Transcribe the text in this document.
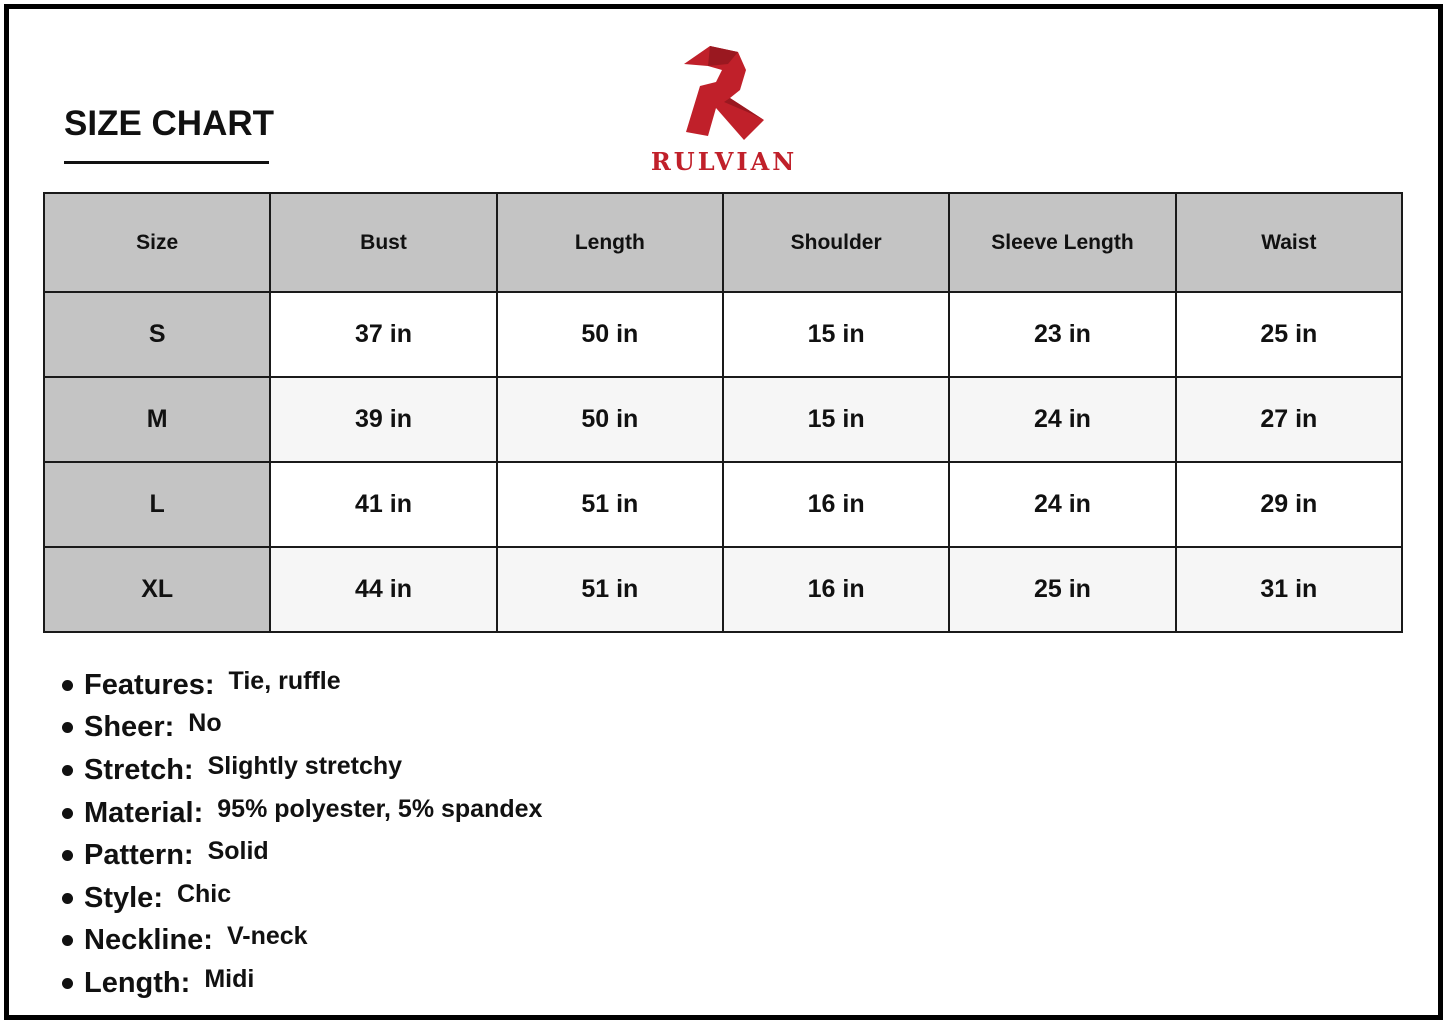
SIZE CHART
RULVIAN
Size	Bust	Length	Shoulder	Sleeve Length	Waist
S	37 in	50 in	15 in	23 in	25 in
M	39 in	50 in	15 in	24 in	27 in
L	41 in	51 in	16 in	24 in	29 in
XL	44 in	51 in	16 in	25 in	31 in
Features: Tie, ruffle
Sheer: No
Stretch: Slightly stretchy
Material: 95% polyester, 5% spandex
Pattern: Solid
Style: Chic
Neckline: V-neck
Length: Midi
